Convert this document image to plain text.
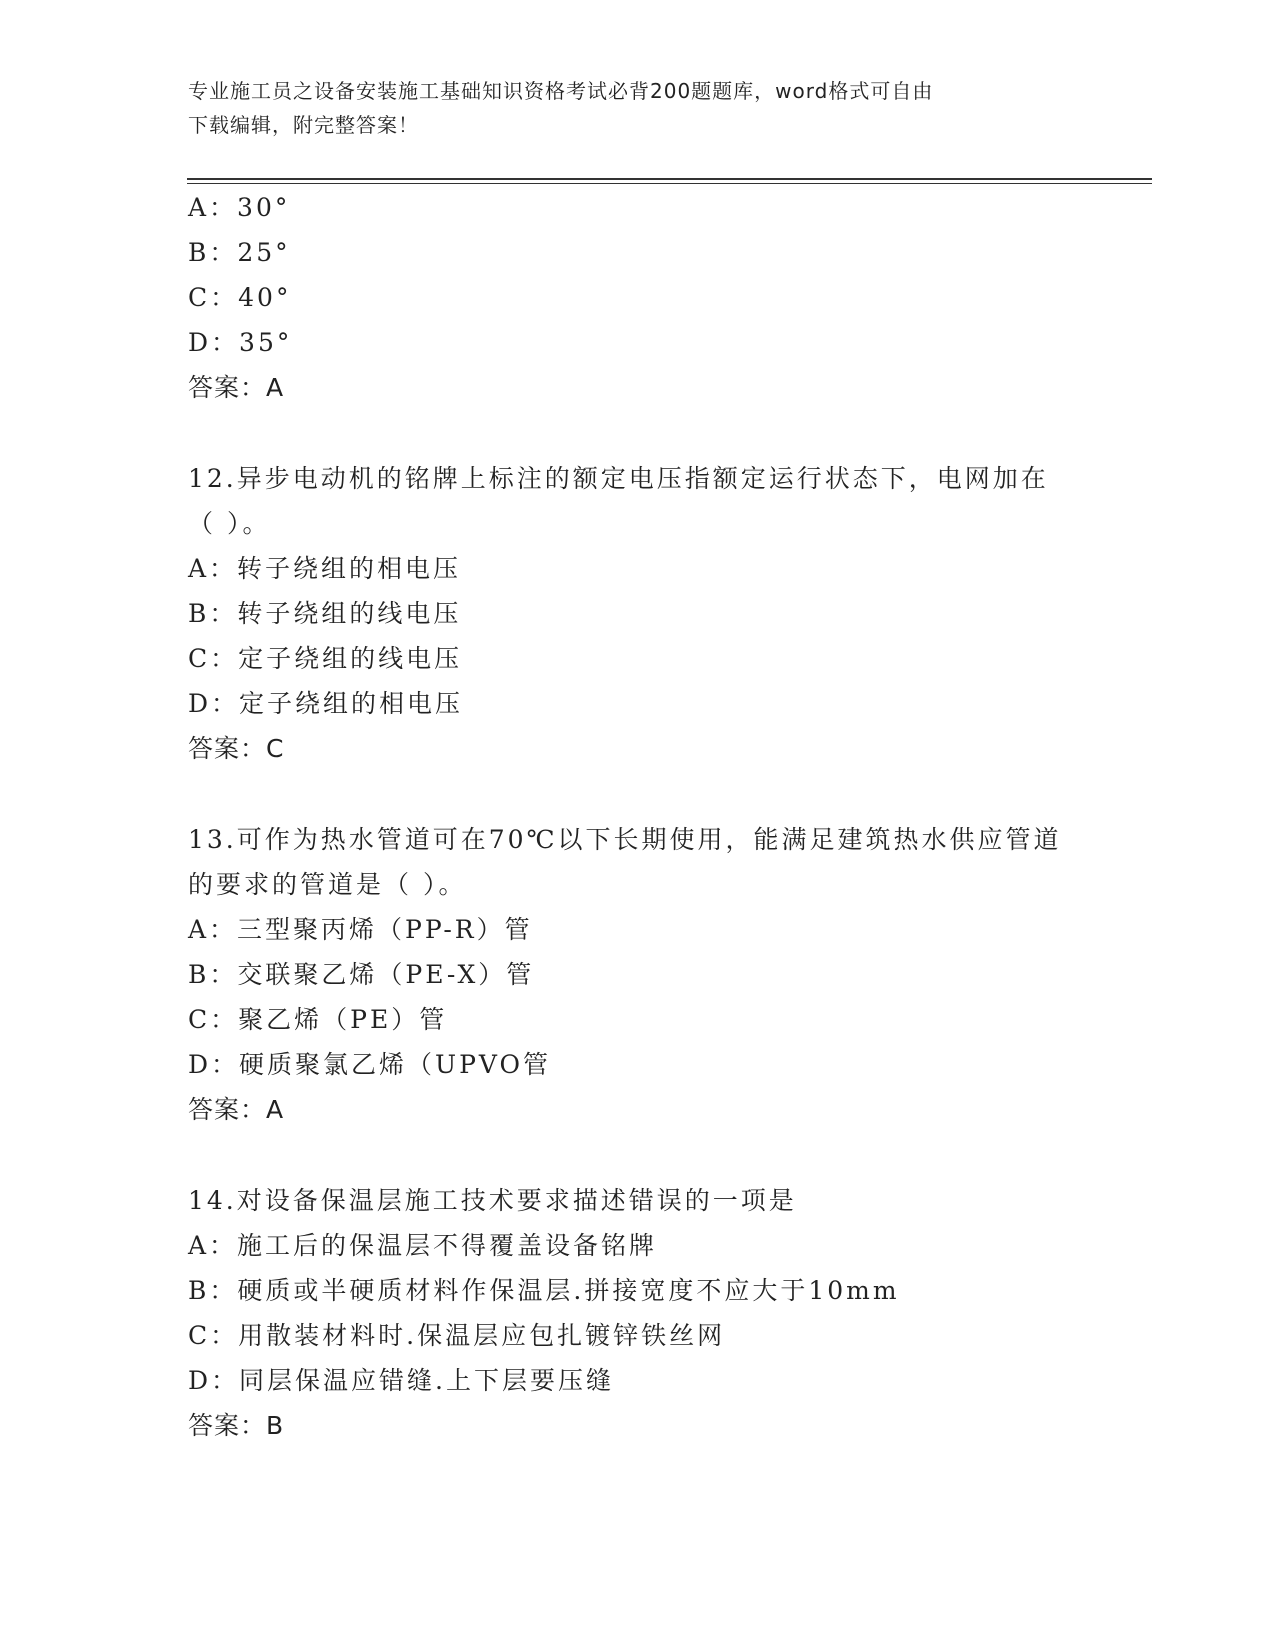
专业施工员之设备安装施工基础知识资格考试必背200题题库，word格式可自由
下载编辑，附完整答案！
A：30°
B：25°
C：40°
D：35°
答案：A
12.异步电动机的铭牌上标注的额定电压指额定运行状态下，电网加在
（ ）。
A：转子绕组的相电压
B：转子绕组的线电压
C：定子绕组的线电压
D：定子绕组的相电压
答案：C
13.可作为热水管道可在70℃以下长期使用，能满足建筑热水供应管道
的要求的管道是（ ）。
A：三型聚丙烯（PP-R）管
B：交联聚乙烯（PE-X）管
C：聚乙烯（PE）管
D：硬质聚氯乙烯（UPVO管
答案：A
14.对设备保温层施工技术要求描述错误的一项是
A：施工后的保温层不得覆盖设备铭牌
B：硬质或半硬质材料作保温层.拼接宽度不应大于10mm
C：用散装材料时.保温层应包扎镀锌铁丝网
D：同层保温应错缝.上下层要压缝
答案：B
